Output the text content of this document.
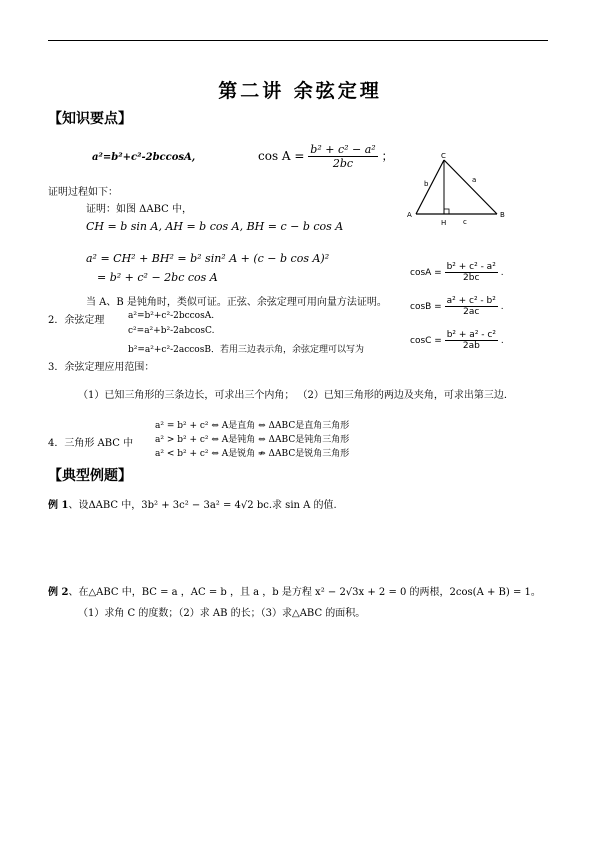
第二讲 余弦定理
【知识要点】
a²=b²+c²-2bccosA,	$\cos A = \frac{\text{b² + c² − a²}}{2bc}$ ；	C
A	B
H
a
b
c
证明过程如下：
证明：如图 ΔABC 中，
CH = b sin A, AH = b cos A, BH = c − b cos A
a² = CH² + BH² = b² sin² A + (c − b cos A)²
= b² + c² − 2bc cos A
当 A、B 是钝角时，类似可证。正弦、余弦定理可用向量方法证明。
2．余弦定理	a²=b²+c²-2bccosA.
c²=a²+b²-2abcosC.
b²=a²+c²-2accosB．若用三边表示角，余弦定理可以写为
$\cos A = \frac{\text{b² + c² - a²}}{2bc}$ .
$\cos B = \frac{\text{a² + c² - b²}}{2ac}$ .
$\cos C = \frac{\text{b² + a² - c²}}{2ab}$ .
3．余弦定理应用范围：
（1）已知三角形的三条边长，可求出三个内角； （2）已知三角形的两边及夹角，可求出第三边．
4．三角形 ABC 中
a² = b² + c² ⇔ A是直角 ⇔ ΔABC是直角三角形
a² > b² + c² ⇔ A是钝角 ⇔ ΔABC是钝角三角形
a² < b² + c² ⇔ A是锐角 ⇏ ΔABC是锐角三角形
【典型例题】
例 1、设ΔABC 中，3b² + 3c² − 3a² = 4√2 bc.求 sin A 的值.
例 2、在△ABC 中，BC = a ，AC = b ，且 a ，b 是方程 x² − 2√3x + 2 = 0 的两根，2cos(A + B) = 1。
（1）求角 C 的度数；（2）求 AB 的长；（3）求△ABC 的面积。
